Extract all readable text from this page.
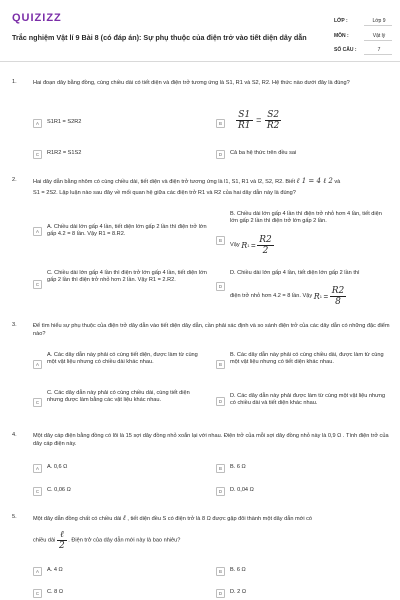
QUIZIZZ
Trắc nghiệm Vật lí 9 Bài 8 (có đáp án): Sự phụ thuộc của điện trở vào tiết diện dây dẫn
LỚP :	Lớp 9
MÔN :	Vật lý
SỐ CÂU :	7
1.	Hai đoạn dây bằng đồng, cùng chiều dài có tiết diện và điện trở tương ứng là S1, R1 và S2, R2. Hệ thức nào dưới đây là đúng?
A	S1R1 = S2R2	B	$\frac{S1}{R1} = \frac{S2}{R2}$
C	R1R2 = S1S2	D	Cả ba hệ thức trên đều sai
2.	Hai dây dẫn bằng nhôm có cùng chiều dài, tiết diện và điện trở tương ứng là l1, S1, R1 và l2, S2, R2. Biết ℓ 1 = 4 ℓ 2 và
S1 = 2S2. Lập luận nào sau đây về mối quan hệ giữa các điện trở R1 và R2 của hai dây dẫn này là đúng?
A
A. Chiều dài lớn gấp 4 lần, tiết diện lớn gấp 2 lần thì điện trở lớn gấp 4.2 = 8 lần. Vậy R1 = 8.R2.
B
B. Chiều dài lớn gấp 4 lần thì điện trở nhỏ hơn 4 lần, tiết diện lớn gấp 2 lần thì điện trở lớn gấp 2 lần.
Vậy $R1 = \frac{R2}{2}$
C
C. Chiều dài lớn gấp 4 lần thì điện trở lớn gấp 4 lần, tiết diện lớn gấp 2 lần thì điện trở nhỏ hơn 2 lần. Vậy R1 = 2.R2.
D
D. Chiều dài lớn gấp 4 lần, tiết diện lớn gấp 2 lần thì
điện trở nhỏ hơn 4.2 = 8 lần. Vậy $R1 = \frac{R2}{8}$
3.	Để tìm hiểu sự phụ thuộc của điện trở dây dẫn vào tiết diện dây dẫn, cần phải xác định và so sánh điện trở của các dây dẫn có những đặc điểm nào?
A
A. Các dây dẫn này phải có cùng tiết diện, được làm từ cùng một vật liệu nhưng có chiều dài khác nhau.	B
B. Các dây dẫn này phải có cùng chiều dài, được làm từ cùng một vật liệu nhưng có tiết diện khác nhau.
C
C. Các dây dẫn này phải có cùng chiều dài, cùng tiết diện nhưng được làm bằng các vật liệu khác nhau.	D
D. Các dây dẫn này phải được làm từ cùng một vật liệu nhưng có chiều dài và tiết diện khác nhau.
4.	Một dây cáp điện bằng đồng có lõi là 15 sợi dây đồng nhỏ xoắn lại với nhau. Điện trở của mỗi sợi dây đồng nhỏ này là 0,9 Ω . Tính điện trở của dây cáp điện này.
A	A. 0,6 Ω	B	B. 6 Ω
C	C. 0,06 Ω	D	D. 0,04 Ω
5.	Một dây dẫn đồng chất có chiều dài ℓ , tiết diện đều S có điện trở là 8 Ω được gập đôi thành một dây dẫn mới có
chiều dài $\frac{\text{ℓ}}{2}$ . Điện trở của dây dẫn mới này là bao nhiêu?
A	A. 4 Ω	B	B. 6 Ω
C	C. 8 Ω	D	D. 2 Ω
